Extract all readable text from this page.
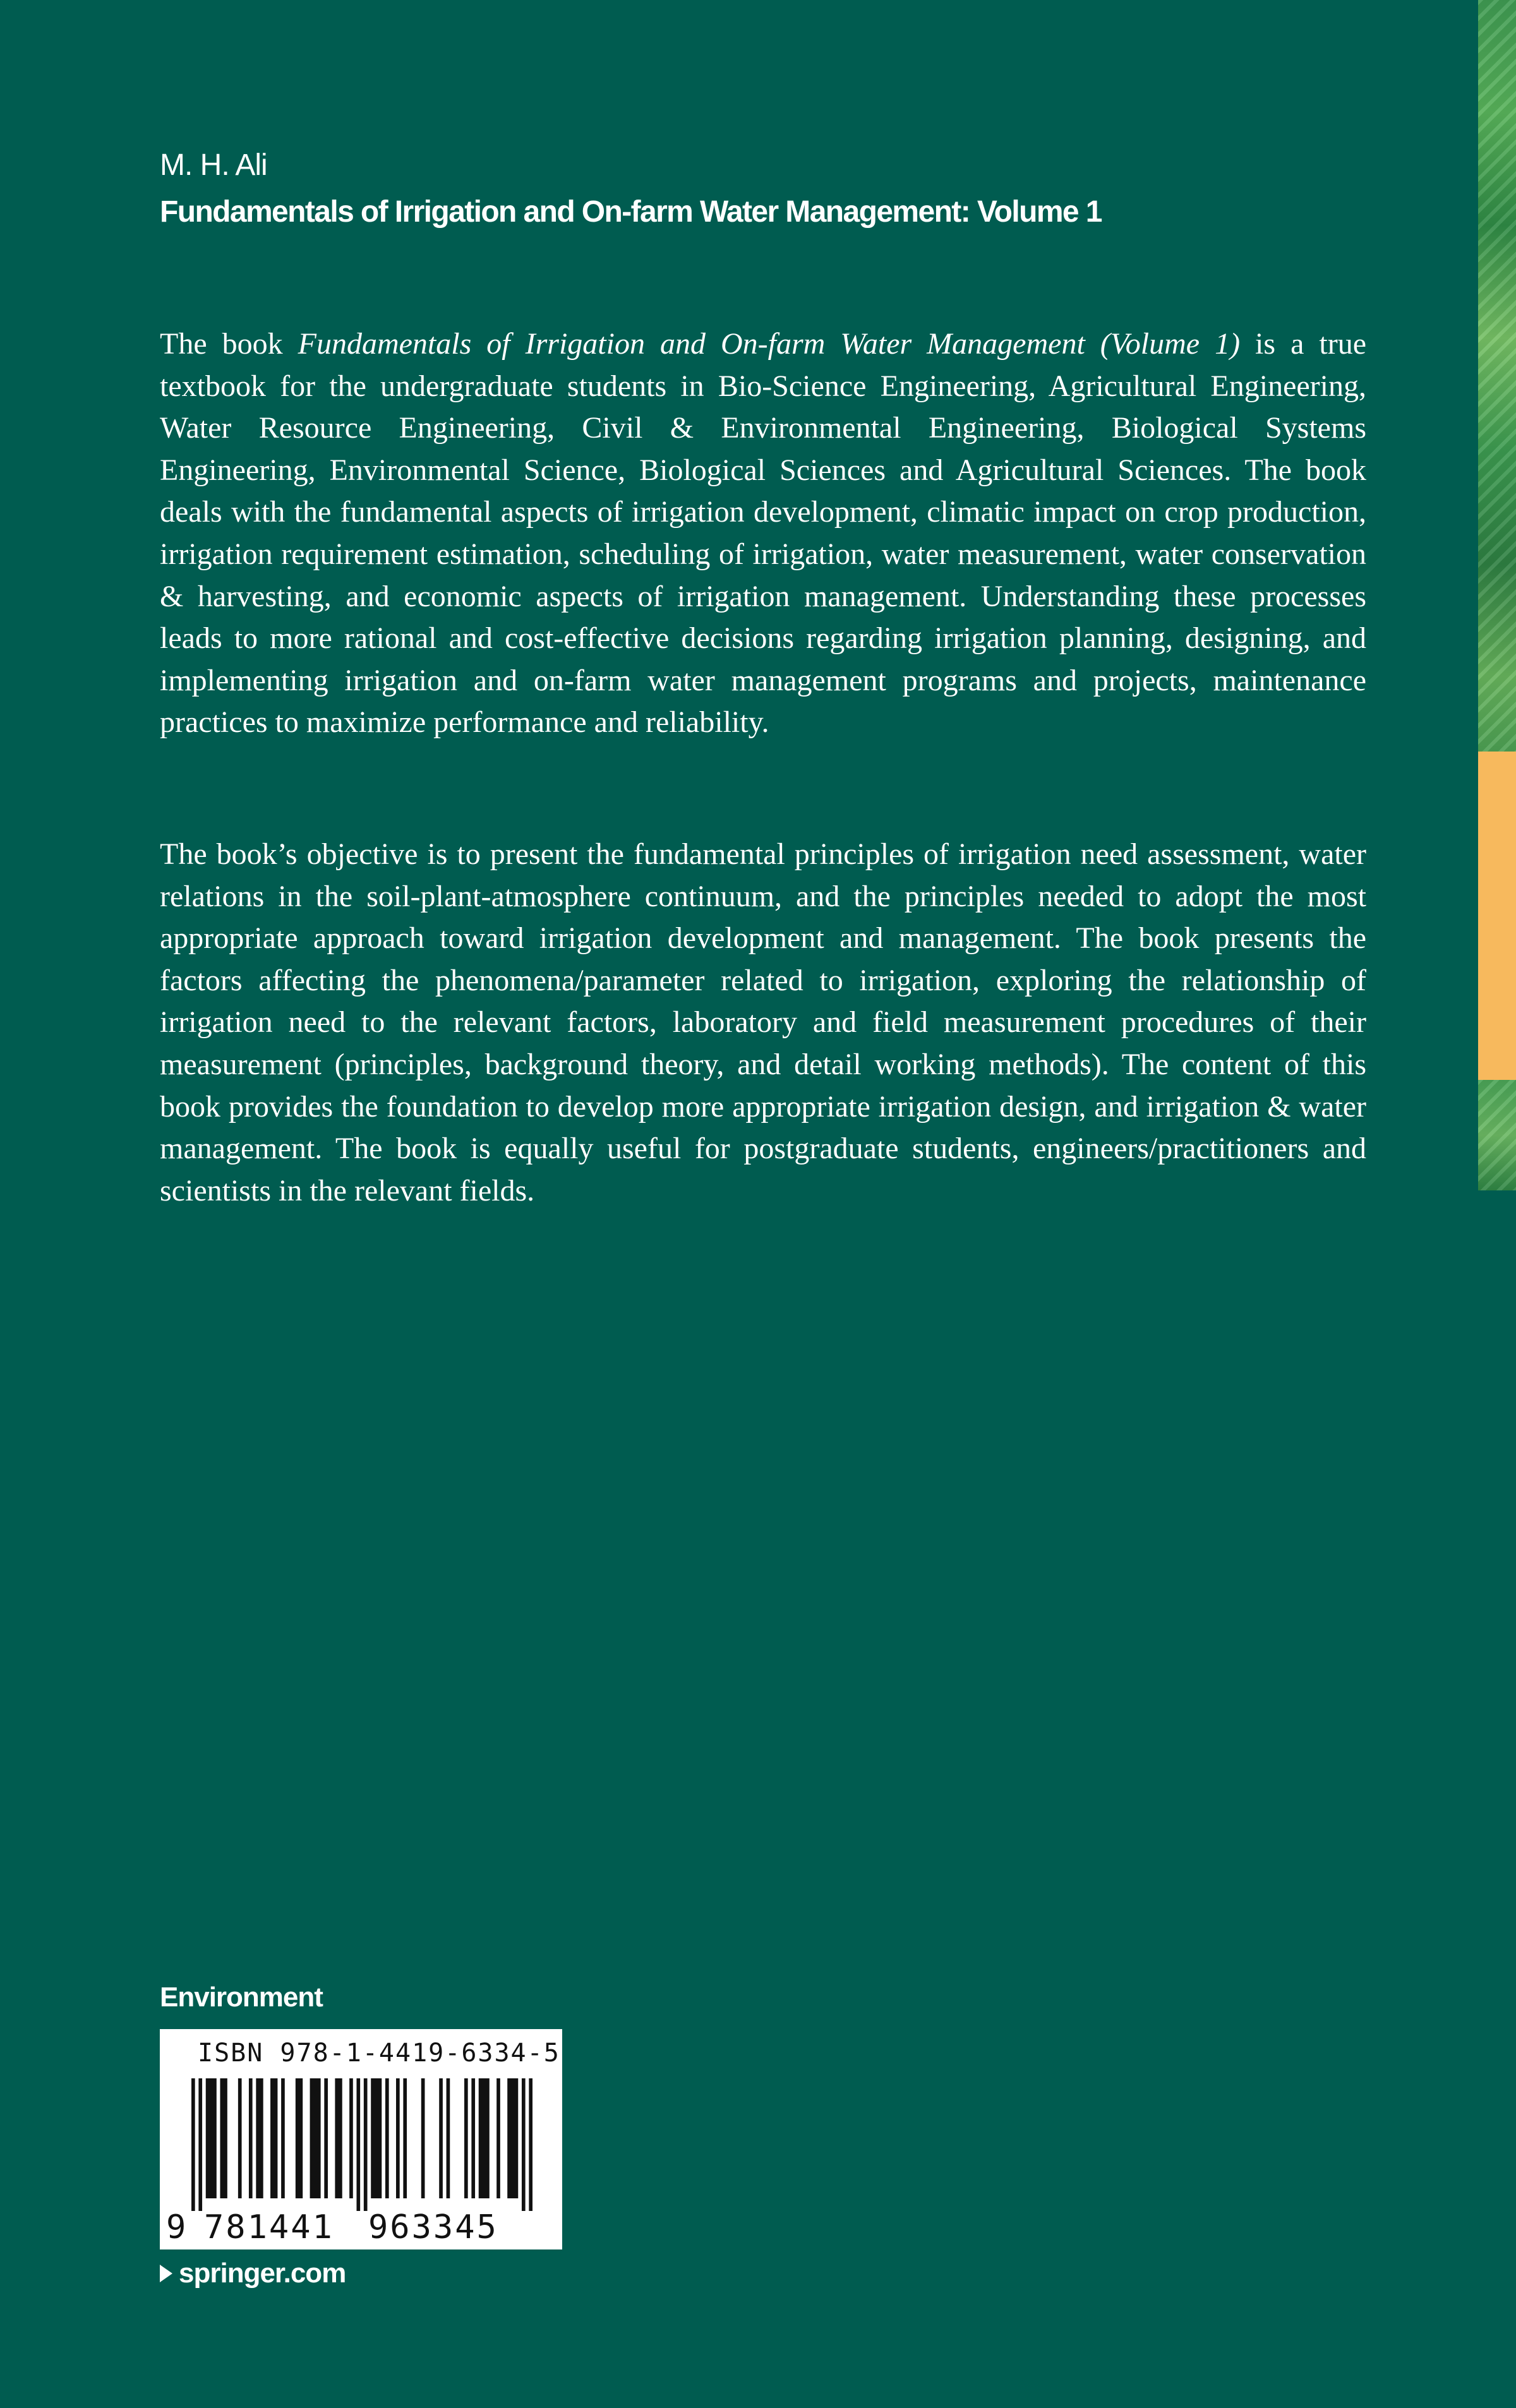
M. H. Ali
Fundamentals of Irrigation and On-farm Water Management: Volume 1

The book Fundamentals of Irrigation and On-farm Water Management (Volume 1) is a true textbook for the undergraduate students in Bio-Science Engineering, Agricultural Engineering, Water Resource Engineering, Civil & Environmental Engineering, Biological Systems Engineering, Environmental Science, Biological Sciences and Agricultural Sciences. The book deals with the fundamental aspects of irrigation development, climatic impact on crop production, irrigation requirement estimation, scheduling of irrigation, water measurement, water conservation & harvesting, and economic aspects of irrigation management. Understanding these processes leads to more rational and cost-effective decisions regarding irrigation planning, designing, and implementing irrigation and on-farm water management programs and projects, maintenance practices to maximize performance and reliability.

The book’s objective is to present the fundamental principles of irrigation need assessment, water relations in the soil-plant-atmosphere continuum, and the principles needed to adopt the most appropriate approach toward irrigation development and management. The book presents the factors affecting the phenomena/parameter related to irrigation, exploring the relationship of irrigation need to the relevant factors, laboratory and field measurement procedures of their measurement (principles, background theory, and detail working methods). The content of this book provides the foundation to develop more appropriate irrigation design, and irrigation & water management. The book is equally useful for postgraduate students, engineers/practitioners and scientists in the relevant fields.

Environment
ISBN 978-1-4419-6334-5
9 781441 963345
springer.com
